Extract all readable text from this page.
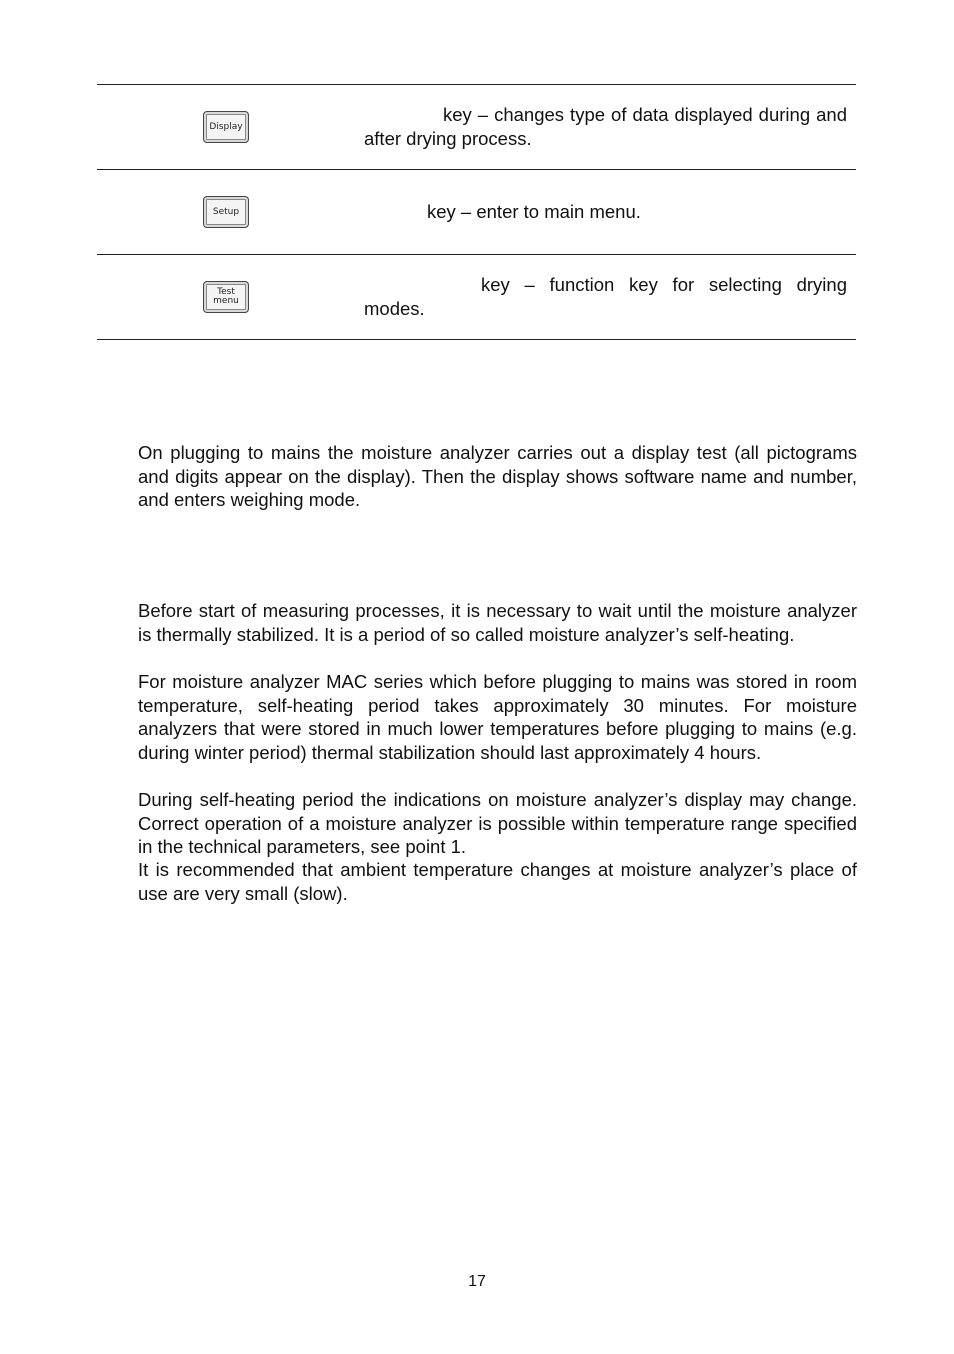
Display
key – changes type of data displayed during and after drying process.
Setup	key – enter to main menu.
Test
menu
key – function key for selecting drying modes.

On plugging to mains the moisture analyzer carries out a display test (all pictograms and digits appear on the display). Then the display shows software name and number, and enters weighing mode.

Before start of measuring processes, it is necessary to wait until the moisture analyzer is thermally stabilized. It is a period of so called moisture analyzer’s self-heating.

For moisture analyzer MAC series which before plugging to mains was stored in room temperature, self-heating period takes approximately 30 minutes. For moisture analyzers that were stored in much lower temperatures before plugging to mains (e.g. during winter period) thermal stabilization should last approximately 4 hours.

During self-heating period the indications on moisture analyzer’s display may change. Correct operation of a moisture analyzer is possible within temperature range specified in the technical parameters, see point 1.

It is recommended that ambient temperature changes at moisture analyzer’s place of use are very small (slow).

17
